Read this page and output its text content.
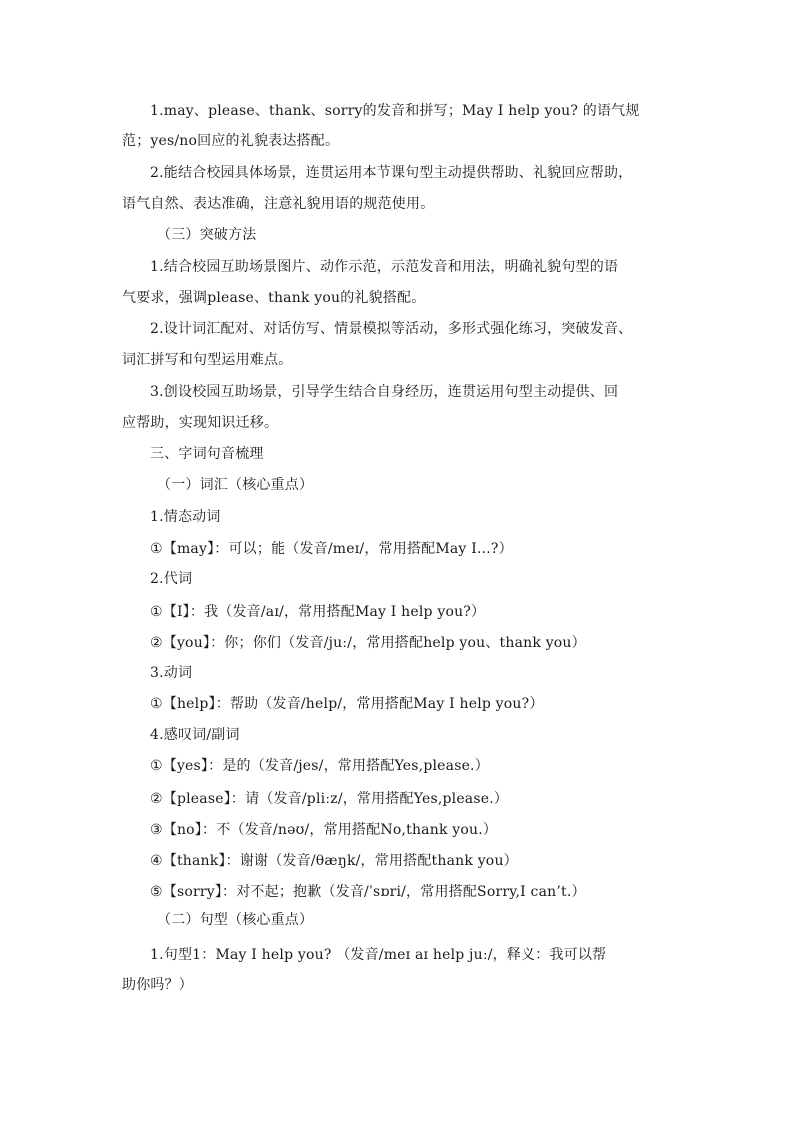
1.may、please、thank、sorry的发音和拼写；May I help you? 的语气规
范；yes/no回应的礼貌表达搭配。
2.能结合校园具体场景，连贯运用本节课句型主动提供帮助、礼貌回应帮助，
语气自然、表达准确，注意礼貌用语的规范使用。
（三）突破方法
1.结合校园互助场景图片、动作示范，示范发音和用法，明确礼貌句型的语
气要求，强调please、thank you的礼貌搭配。
2.设计词汇配对、对话仿写、情景模拟等活动，多形式强化练习，突破发音、
词汇拼写和句型运用难点。
3.创设校园互助场景，引导学生结合自身经历，连贯运用句型主动提供、回
应帮助，实现知识迁移。
三、字词句音梳理
（一）词汇（核心重点）
1.情态动词
①【may】：可以；能（发音/meɪ/，常用搭配May I...?）
2.代词
①【I】：我（发音/aɪ/，常用搭配May I help you?）
②【you】：你；你们（发音/juː/，常用搭配help you、thank you）
3.动词
①【help】：帮助（发音/help/，常用搭配May I help you?）
4.感叹词/副词
①【yes】：是的（发音/jes/，常用搭配Yes,please.）
②【please】：请（发音/pliːz/，常用搭配Yes,please.）
③【no】：不（发音/nəʊ/，常用搭配No,thank you.）
④【thank】：谢谢（发音/θæŋk/，常用搭配thank you）
⑤【sorry】：对不起；抱歉（发音/ˈsɒri/，常用搭配Sorry,I can’t.）
（二）句型（核心重点）
1.句型1：May I help you? （发音/meɪ aɪ help juː/，释义：我可以帮
助你吗？）
